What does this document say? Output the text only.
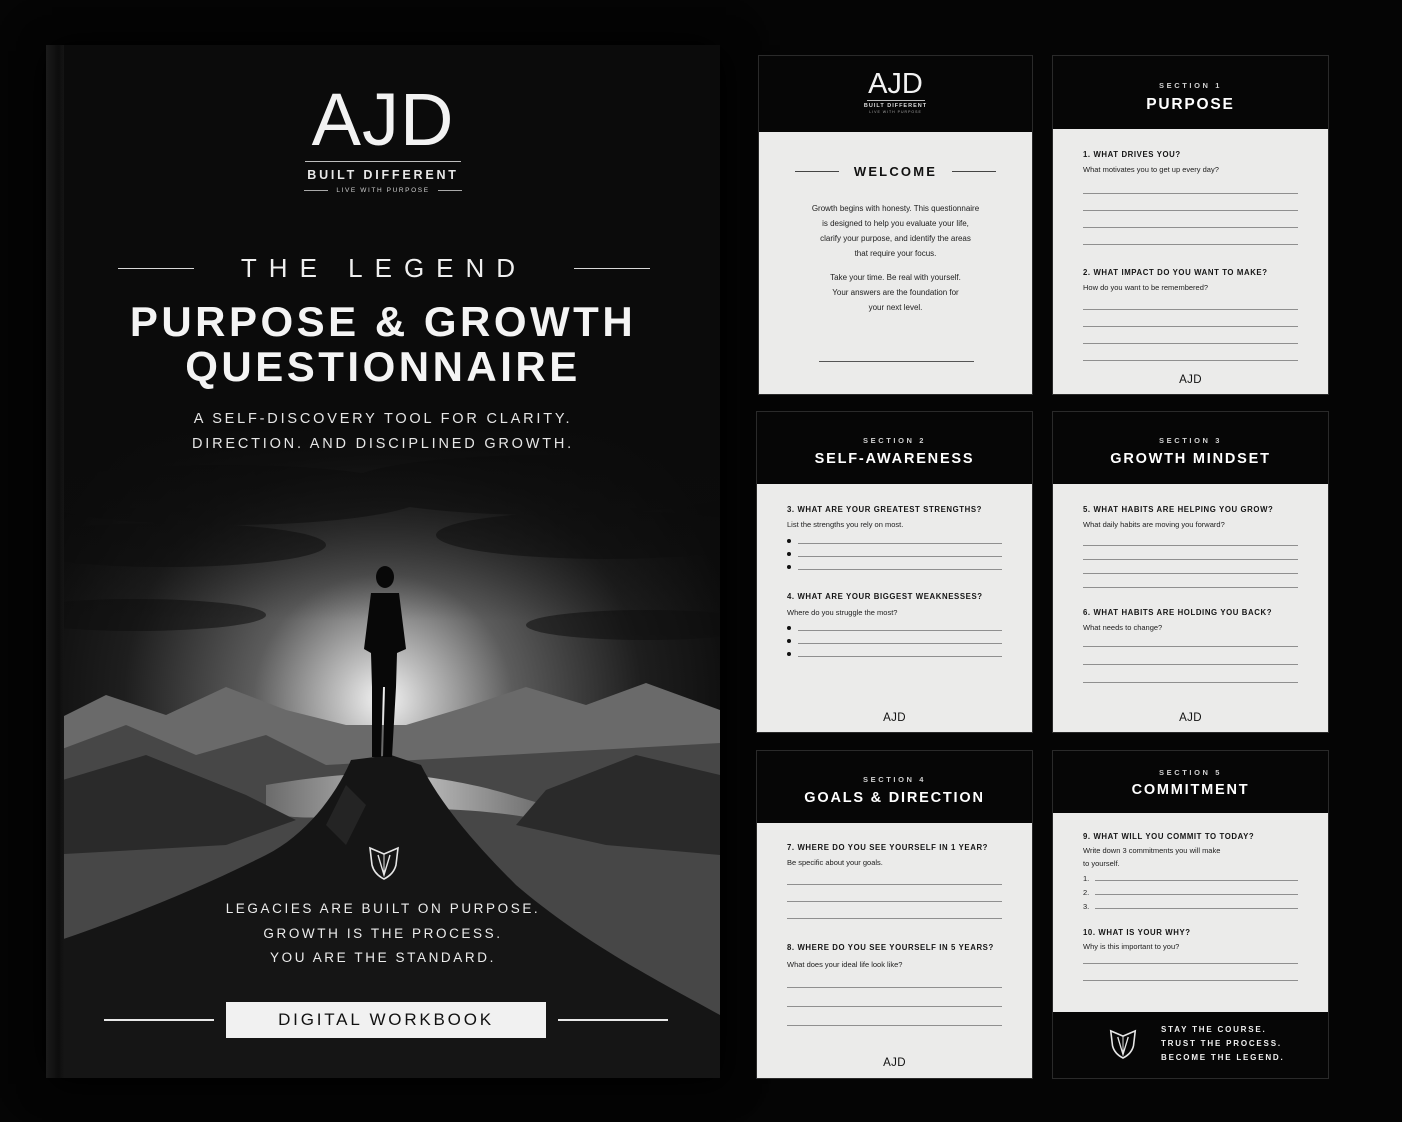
AJD
BUILT DIFFERENT
LIVE WITH PURPOSE
THE LEGEND
PURPOSE & GROWTH
QUESTIONNAIRE
A SELF-DISCOVERY TOOL FOR CLARITY.
DIRECTION. AND DISCIPLINED GROWTH.
LEGACIES ARE BUILT ON PURPOSE.
GROWTH IS THE PROCESS.
YOU ARE THE STANDARD.
DIGITAL WORKBOOK
AJD
BUILT DIFFERENT
LIVE WITH PURPOSE
WELCOME
Growth begins with honesty. This questionnaire
is designed to help you evaluate your life,
clarify your purpose, and identify the areas
that require your focus.
Take your time. Be real with yourself.
Your answers are the foundation for
your next level.
SECTION 1
PURPOSE
1. WHAT DRIVES YOU?
What motivates you to get up every day?
2. WHAT IMPACT DO YOU WANT TO MAKE?
How do you want to be remembered?
AJD
SECTION 2
SELF-AWARENESS
3. WHAT ARE YOUR GREATEST STRENGTHS?
List the strengths you rely on most.
4. WHAT ARE YOUR BIGGEST WEAKNESSES?
Where do you struggle the most?
AJD
SECTION 3
GROWTH MINDSET
5. WHAT HABITS ARE HELPING YOU GROW?
What daily habits are moving you forward?
6. WHAT HABITS ARE HOLDING YOU BACK?
What needs to change?
AJD
SECTION 4
GOALS & DIRECTION
7. WHERE DO YOU SEE YOURSELF IN 1 YEAR?
Be specific about your goals.
8. WHERE DO YOU SEE YOURSELF IN 5 YEARS?
What does your ideal life look like?
AJD
SECTION 5
COMMITMENT
9. WHAT WILL YOU COMMIT TO TODAY?
Write down 3 commitments you will make
to yourself.
1.
2.
3.
10. WHAT IS YOUR WHY?
Why is this important to you?
STAY THE COURSE.
TRUST THE PROCESS.
BECOME THE LEGEND.
